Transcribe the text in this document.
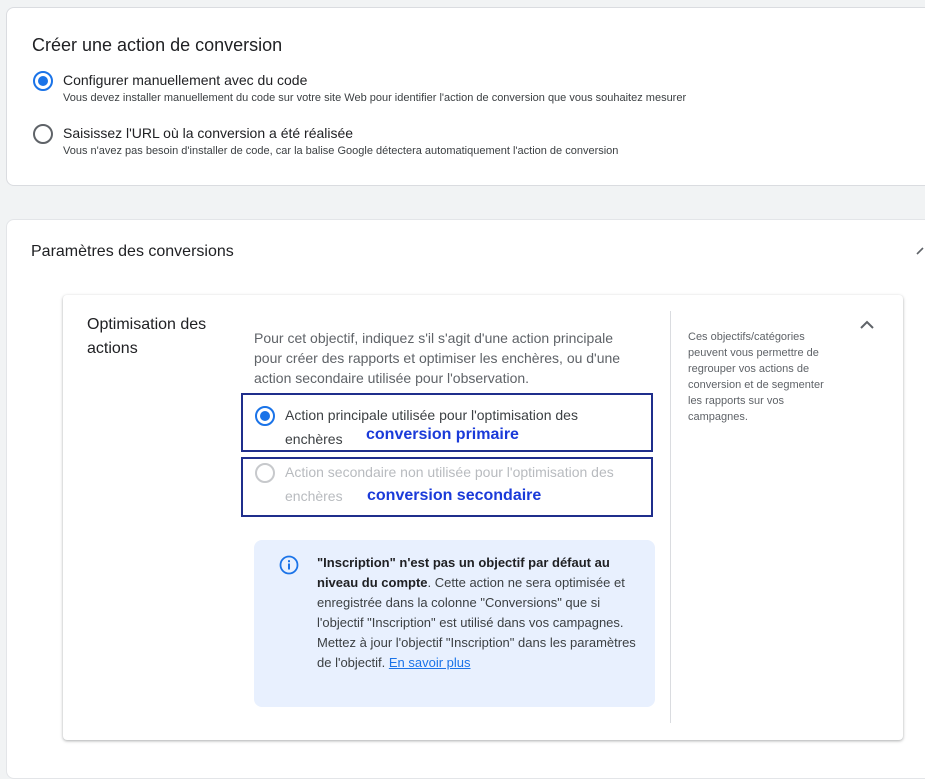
Créer une action de conversion
Configurer manuellement avec du code
Vous devez installer manuellement du code sur votre site Web pour identifier l'action de conversion que vous souhaitez mesurer
Saisissez l'URL où la conversion a été réalisée
Vous n'avez pas besoin d'installer de code, car la balise Google détectera automatiquement l'action de conversion
Paramètres des conversions
Optimisation des actions
Pour cet objectif, indiquez s'il s'agit d'une action principale pour créer des rapports et optimiser les enchères, ou d'une action secondaire utilisée pour l'observation.
Action principale utilisée pour l'optimisation des
enchères	conversion primaire
Action secondaire non utilisée pour l'optimisation des
enchères	conversion secondaire
"Inscription" n'est pas un objectif par défaut au niveau du compte. Cette action ne sera optimisée et enregistrée dans la colonne "Conversions" que si l'objectif "Inscription" est utilisé dans vos campagnes. Mettez à jour l'objectif "Inscription" dans les paramètres de l'objectif. En savoir plus
Ces objectifs/catégories peuvent vous permettre de regrouper vos actions de conversion et de segmenter les rapports sur vos campagnes.
